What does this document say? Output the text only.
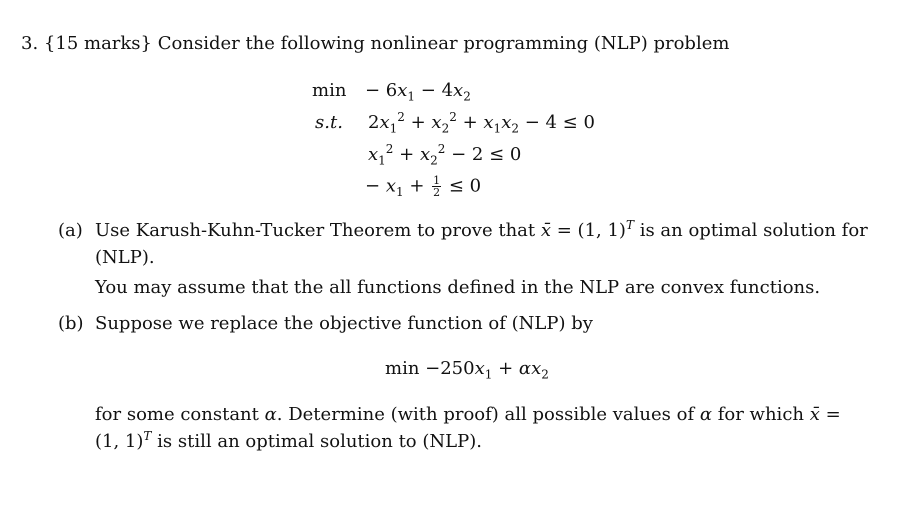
3. {15 marks} Consider the following nonlinear programming (NLP) problem
$\min - 6x_1 - 4x_2$
s.t. $2x_1^2 + x_2^2 + x_1x_2 - 4 \le 0$
$x_1^2 + x_2^2 - 2 \le 0$
− $x_1 + \frac{1}{2} \le 0$
(a) Use Karush-Kuhn-Tucker Theorem to prove that x̄ = (1, 1)$^T$ is an optimal solution for
(NLP).
You may assume that the all functions defined in the NLP are convex functions.
(b) Suppose we replace the objective function of (NLP) by
$\min -250x_1 + \alpha x_2$
for some constant α. Determine (with proof) all possible values of α for which x̄ =
(1, 1)$^T$ is still an optimal solution to (NLP).
